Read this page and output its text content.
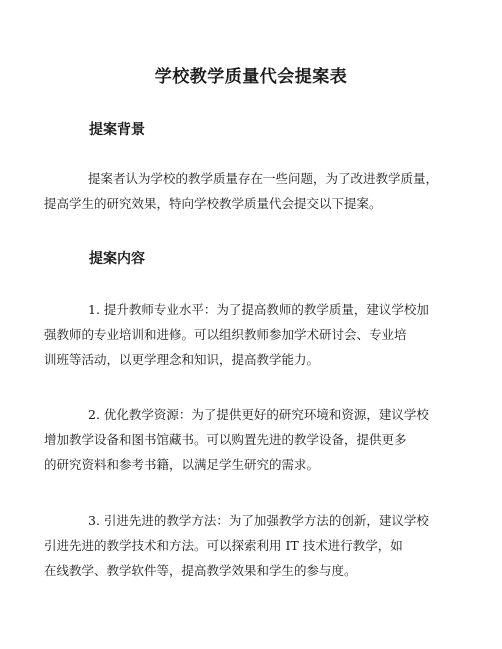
学校教学质量代会提案表
提案背景
提案者认为学校的教学质量存在一些问题，为了改进教学质量，
提高学生的研究效果，特向学校教学质量代会提交以下提案。
提案内容
1. 提升教师专业水平：为了提高教师的教学质量，建议学校加
强教师的专业培训和进修。可以组织教师参加学术研讨会、专业培
训班等活动，以更学理念和知识，提高教学能力。
2. 优化教学资源：为了提供更好的研究环境和资源，建议学校
增加教学设备和图书馆藏书。可以购置先进的教学设备，提供更多
的研究资料和参考书籍，以满足学生研究的需求。
3. 引进先进的教学方法：为了加强教学方法的创新，建议学校
引进先进的教学技术和方法。可以探索利用 IT 技术进行教学，如
在线教学、教学软件等，提高教学效果和学生的参与度。
